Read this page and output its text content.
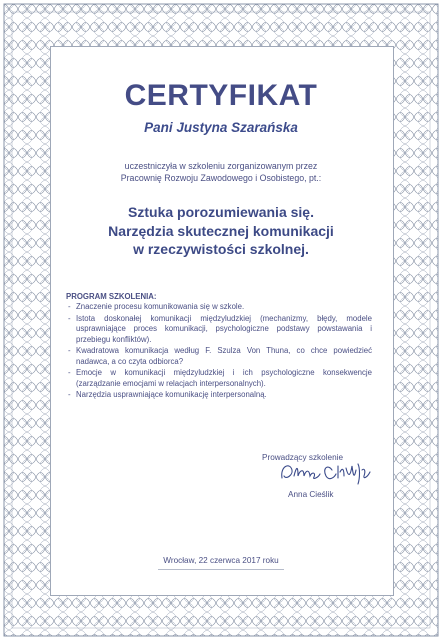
CERTYFIKAT
Pani Justyna Szarańska
uczestniczyła w szkoleniu zorganizowanym przez
Pracownię Rozwoju Zawodowego i Osobistego, pt.:
Sztuka porozumiewania się.
Narzędzia skutecznej komunikacji
w rzeczywistości szkolnej.
PROGRAM SZKOLENIA:
- Znaczenie procesu komunikowania się w szkole.
- Istota doskonałej komunikacji międzyludzkiej (mechanizmy, błędy, modele usprawniające proces komunikacji, psychologiczne podstawy powstawania i przebiegu konfliktów).
- Kwadratowa komunikacja według F. Szulza Von Thuna, co chce powiedzieć nadawca, a co czyta odbiorca?
- Emocje w komunikacji międzyludzkiej i ich psychologiczne konsekwencje (zarządzanie emocjami w relacjach interpersonalnych).
- Narzędzia usprawniające komunikację interpersonalną.
Prowadzący szkolenie
Anna Cieślik
Wrocław, 22 czerwca 2017 roku
